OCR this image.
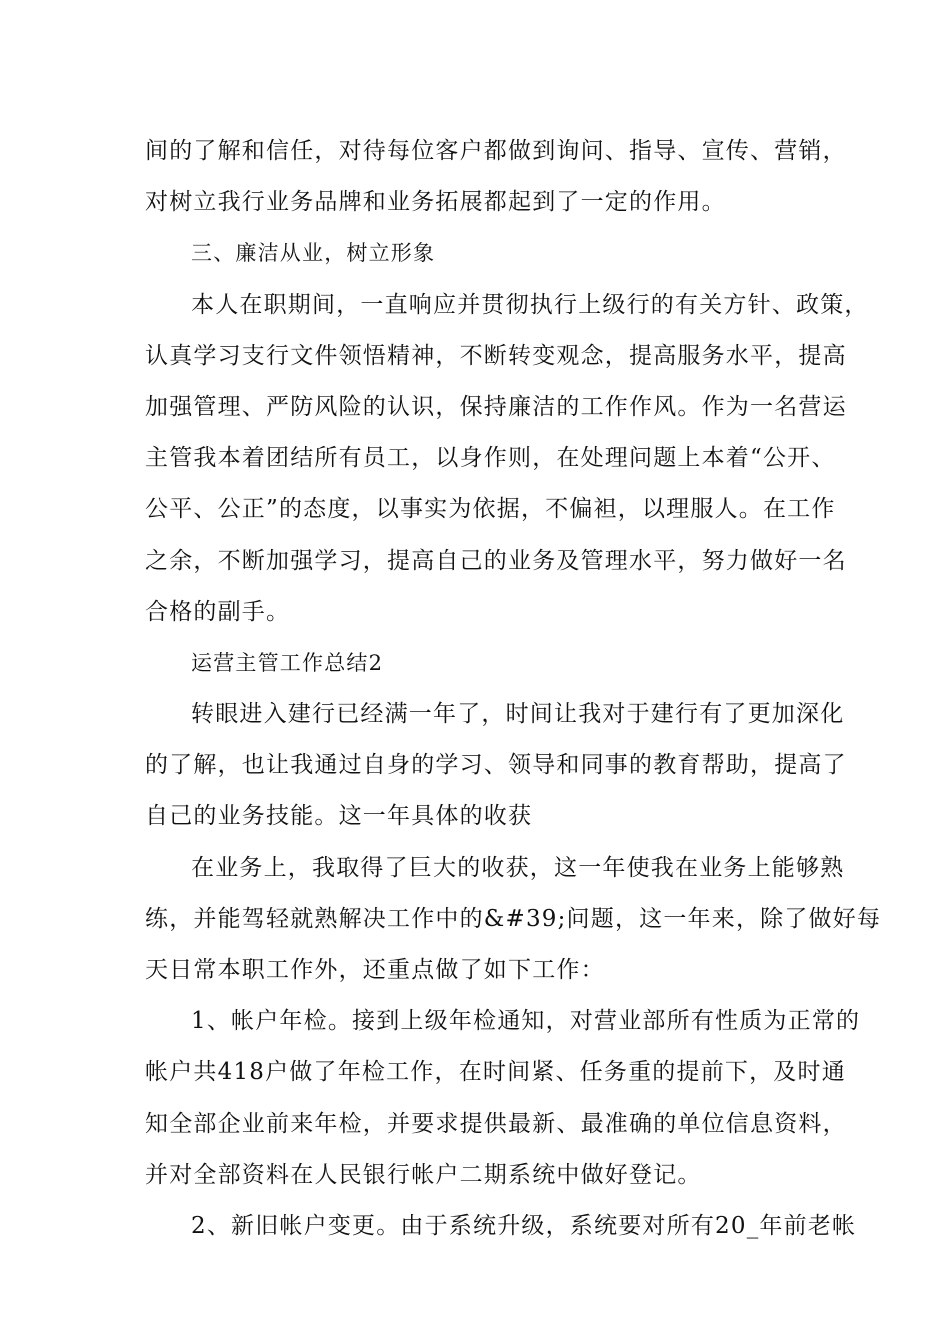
间的了解和信任，对待每位客户都做到询问、指导、宣传、营销，
对树立我行业务品牌和业务拓展都起到了一定的作用。
三、廉洁从业，树立形象
本人在职期间，一直响应并贯彻执行上级行的有关方针、政策，
认真学习支行文件领悟精神，不断转变观念，提高服务水平，提高
加强管理、严防风险的认识，保持廉洁的工作作风。作为一名营运
主管我本着团结所有员工，以身作则，在处理问题上本着“公开、
公平、公正”的态度，以事实为依据，不偏袒，以理服人。在工作
之余，不断加强学习，提高自己的业务及管理水平，努力做好一名
合格的副手。
运营主管工作总结2
转眼进入建行已经满一年了，时间让我对于建行有了更加深化
的了解，也让我通过自身的学习、领导和同事的教育帮助，提高了
自己的业务技能。这一年具体的收获
在业务上，我取得了巨大的收获，这一年使我在业务上能够熟
练，并能驾轻就熟解决工作中的&#39;问题，这一年来，除了做好每
天日常本职工作外，还重点做了如下工作：
1、帐户年检。接到上级年检通知，对营业部所有性质为正常的
帐户共418户做了年检工作，在时间紧、任务重的提前下，及时通
知全部企业前来年检，并要求提供最新、最准确的单位信息资料，
并对全部资料在人民银行帐户二期系统中做好登记。
2、新旧帐户变更。由于系统升级，系统要对所有20_年前老帐
